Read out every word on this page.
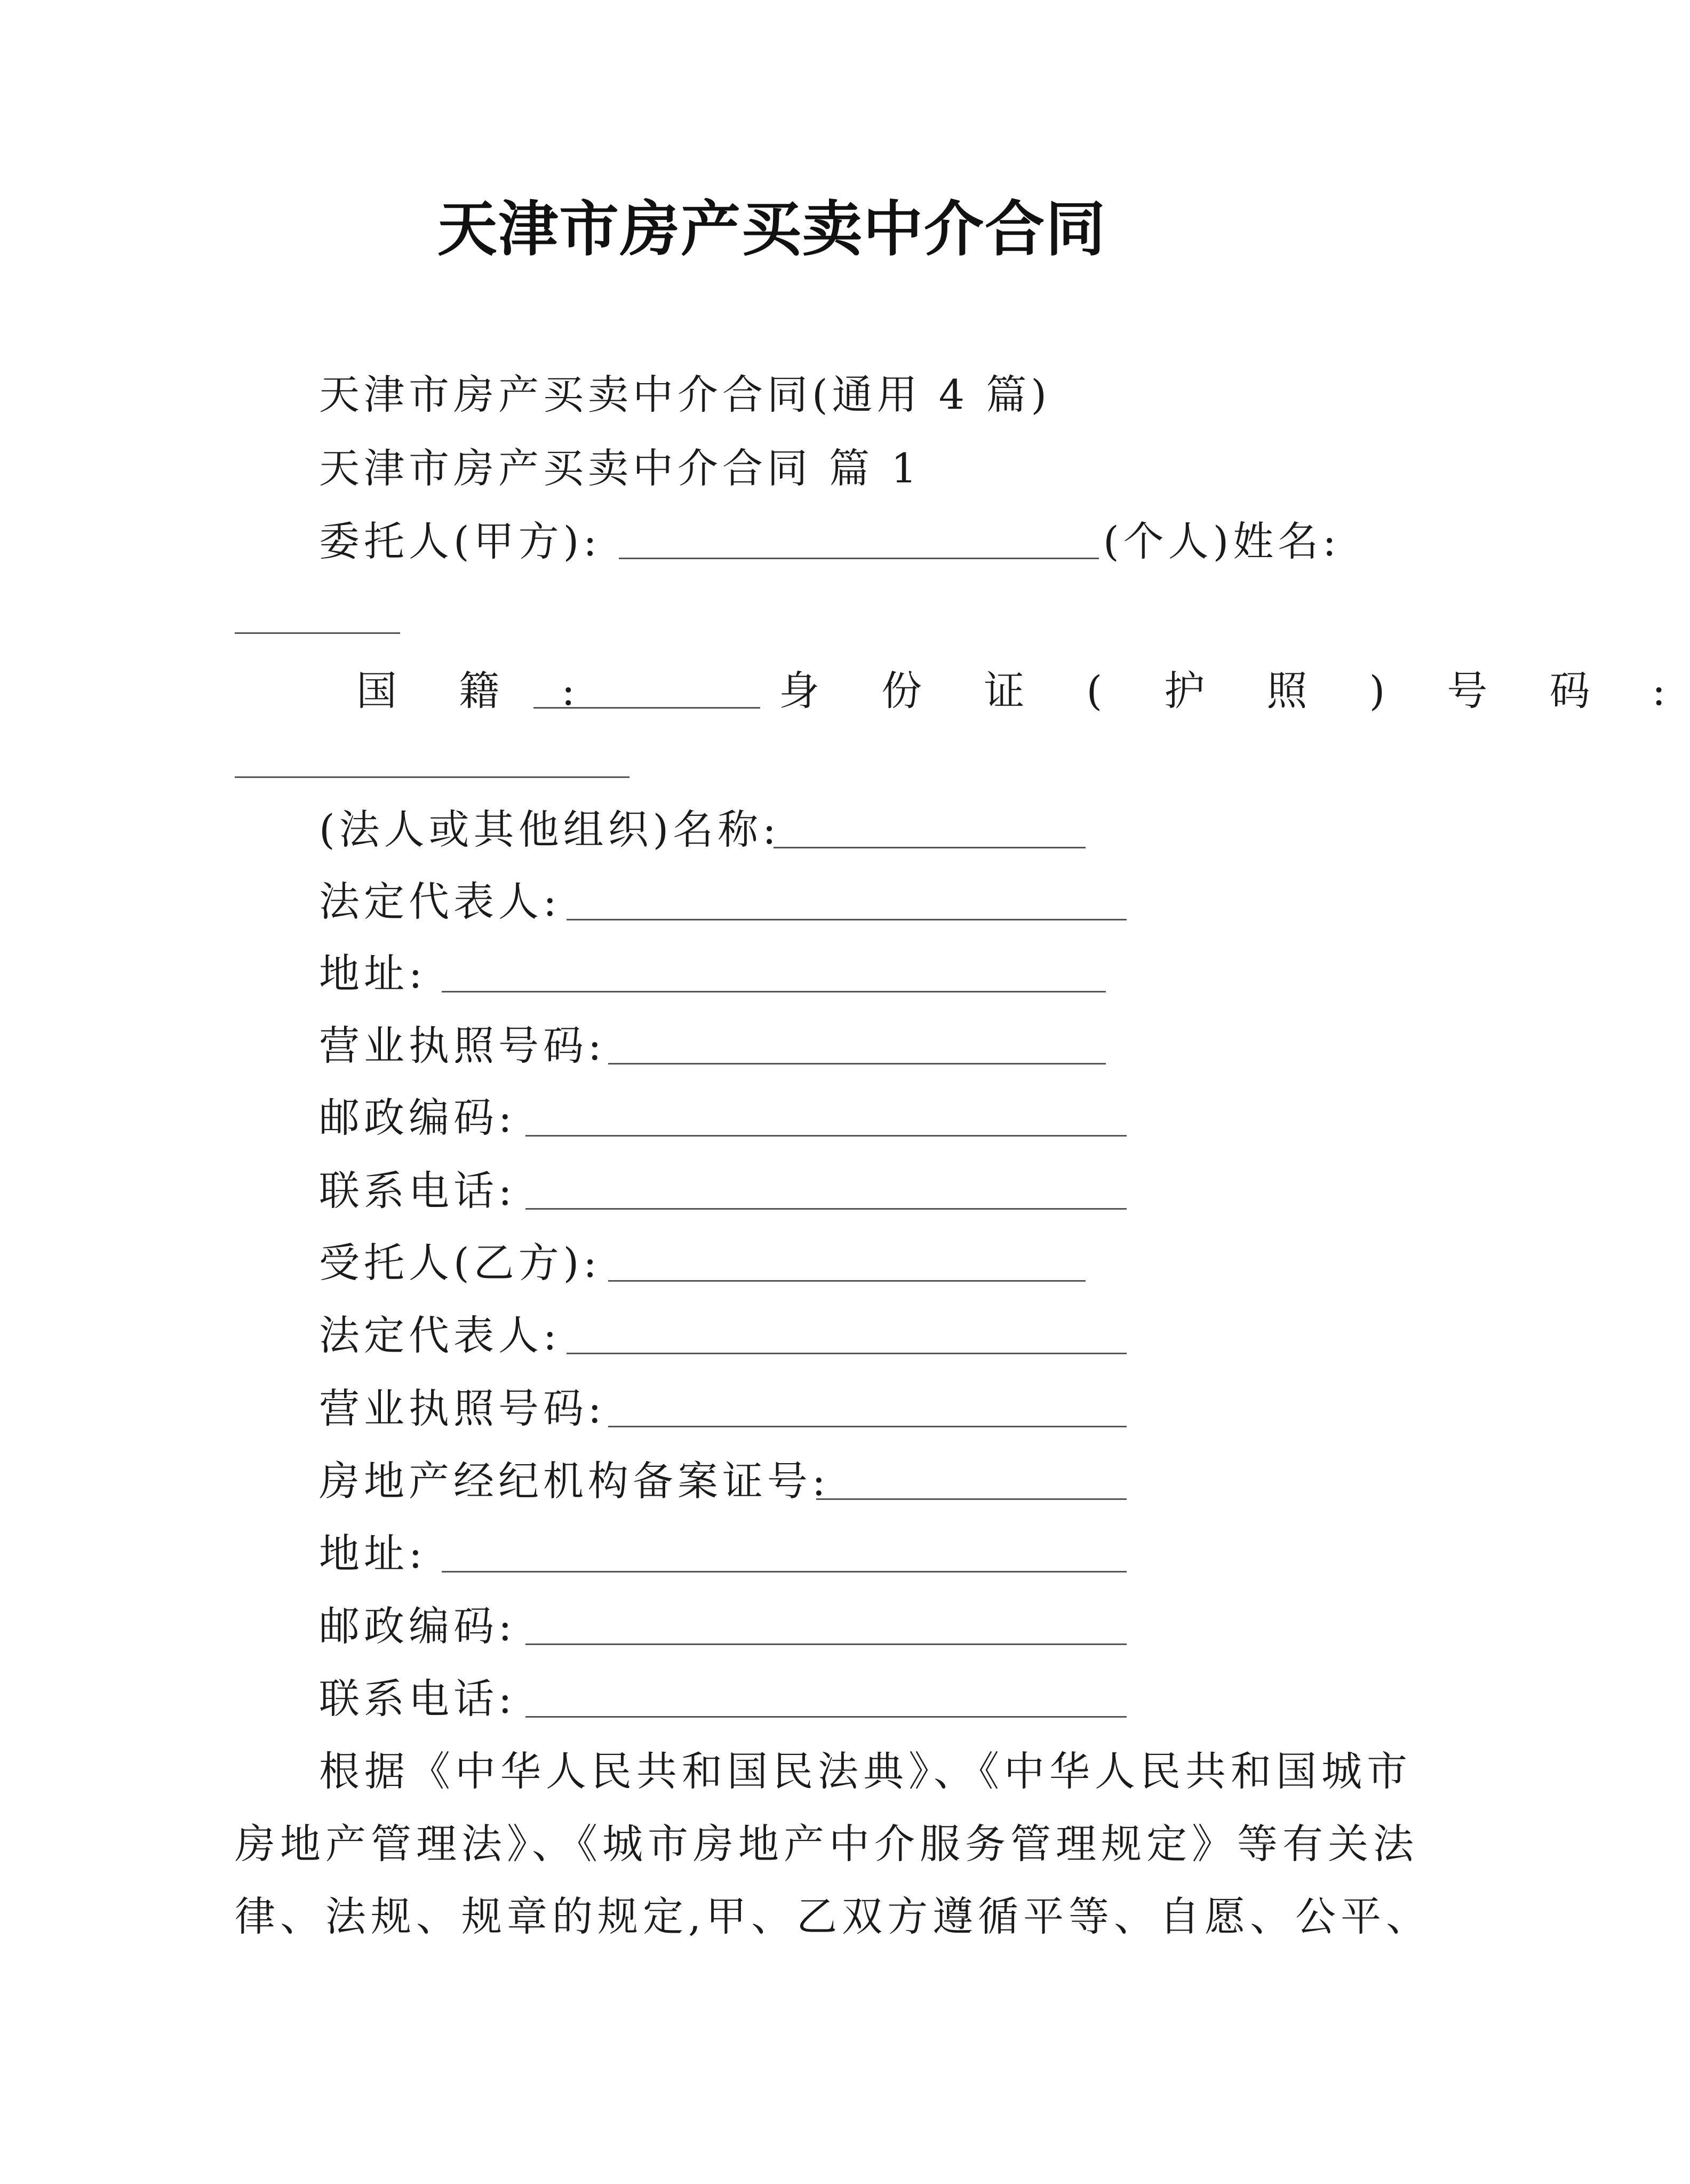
天津市房产买卖中介合同
天津市房产买卖中介合同(通用 4 篇)
天津市房产买卖中介合同 篇 1
委托人(甲方):	(个人)姓名:
国 籍 :	身 份 证 ( 护 照 ) 号 码 :
(法人或其他组织)名称:
法定代表人:
地址:
营业执照号码:
邮政编码:
联系电话:
受托人(乙方):
法定代表人:
营业执照号码:
房地产经纪机构备案证号:
地址:
邮政编码:
联系电话:
根据《中华人民共和国民法典》、《中华人民共和国城市
房地产管理法》、《城市房地产中介服务管理规定》等有关法
律、法规、规章的规定,甲、乙双方遵循平等、自愿、公平、
